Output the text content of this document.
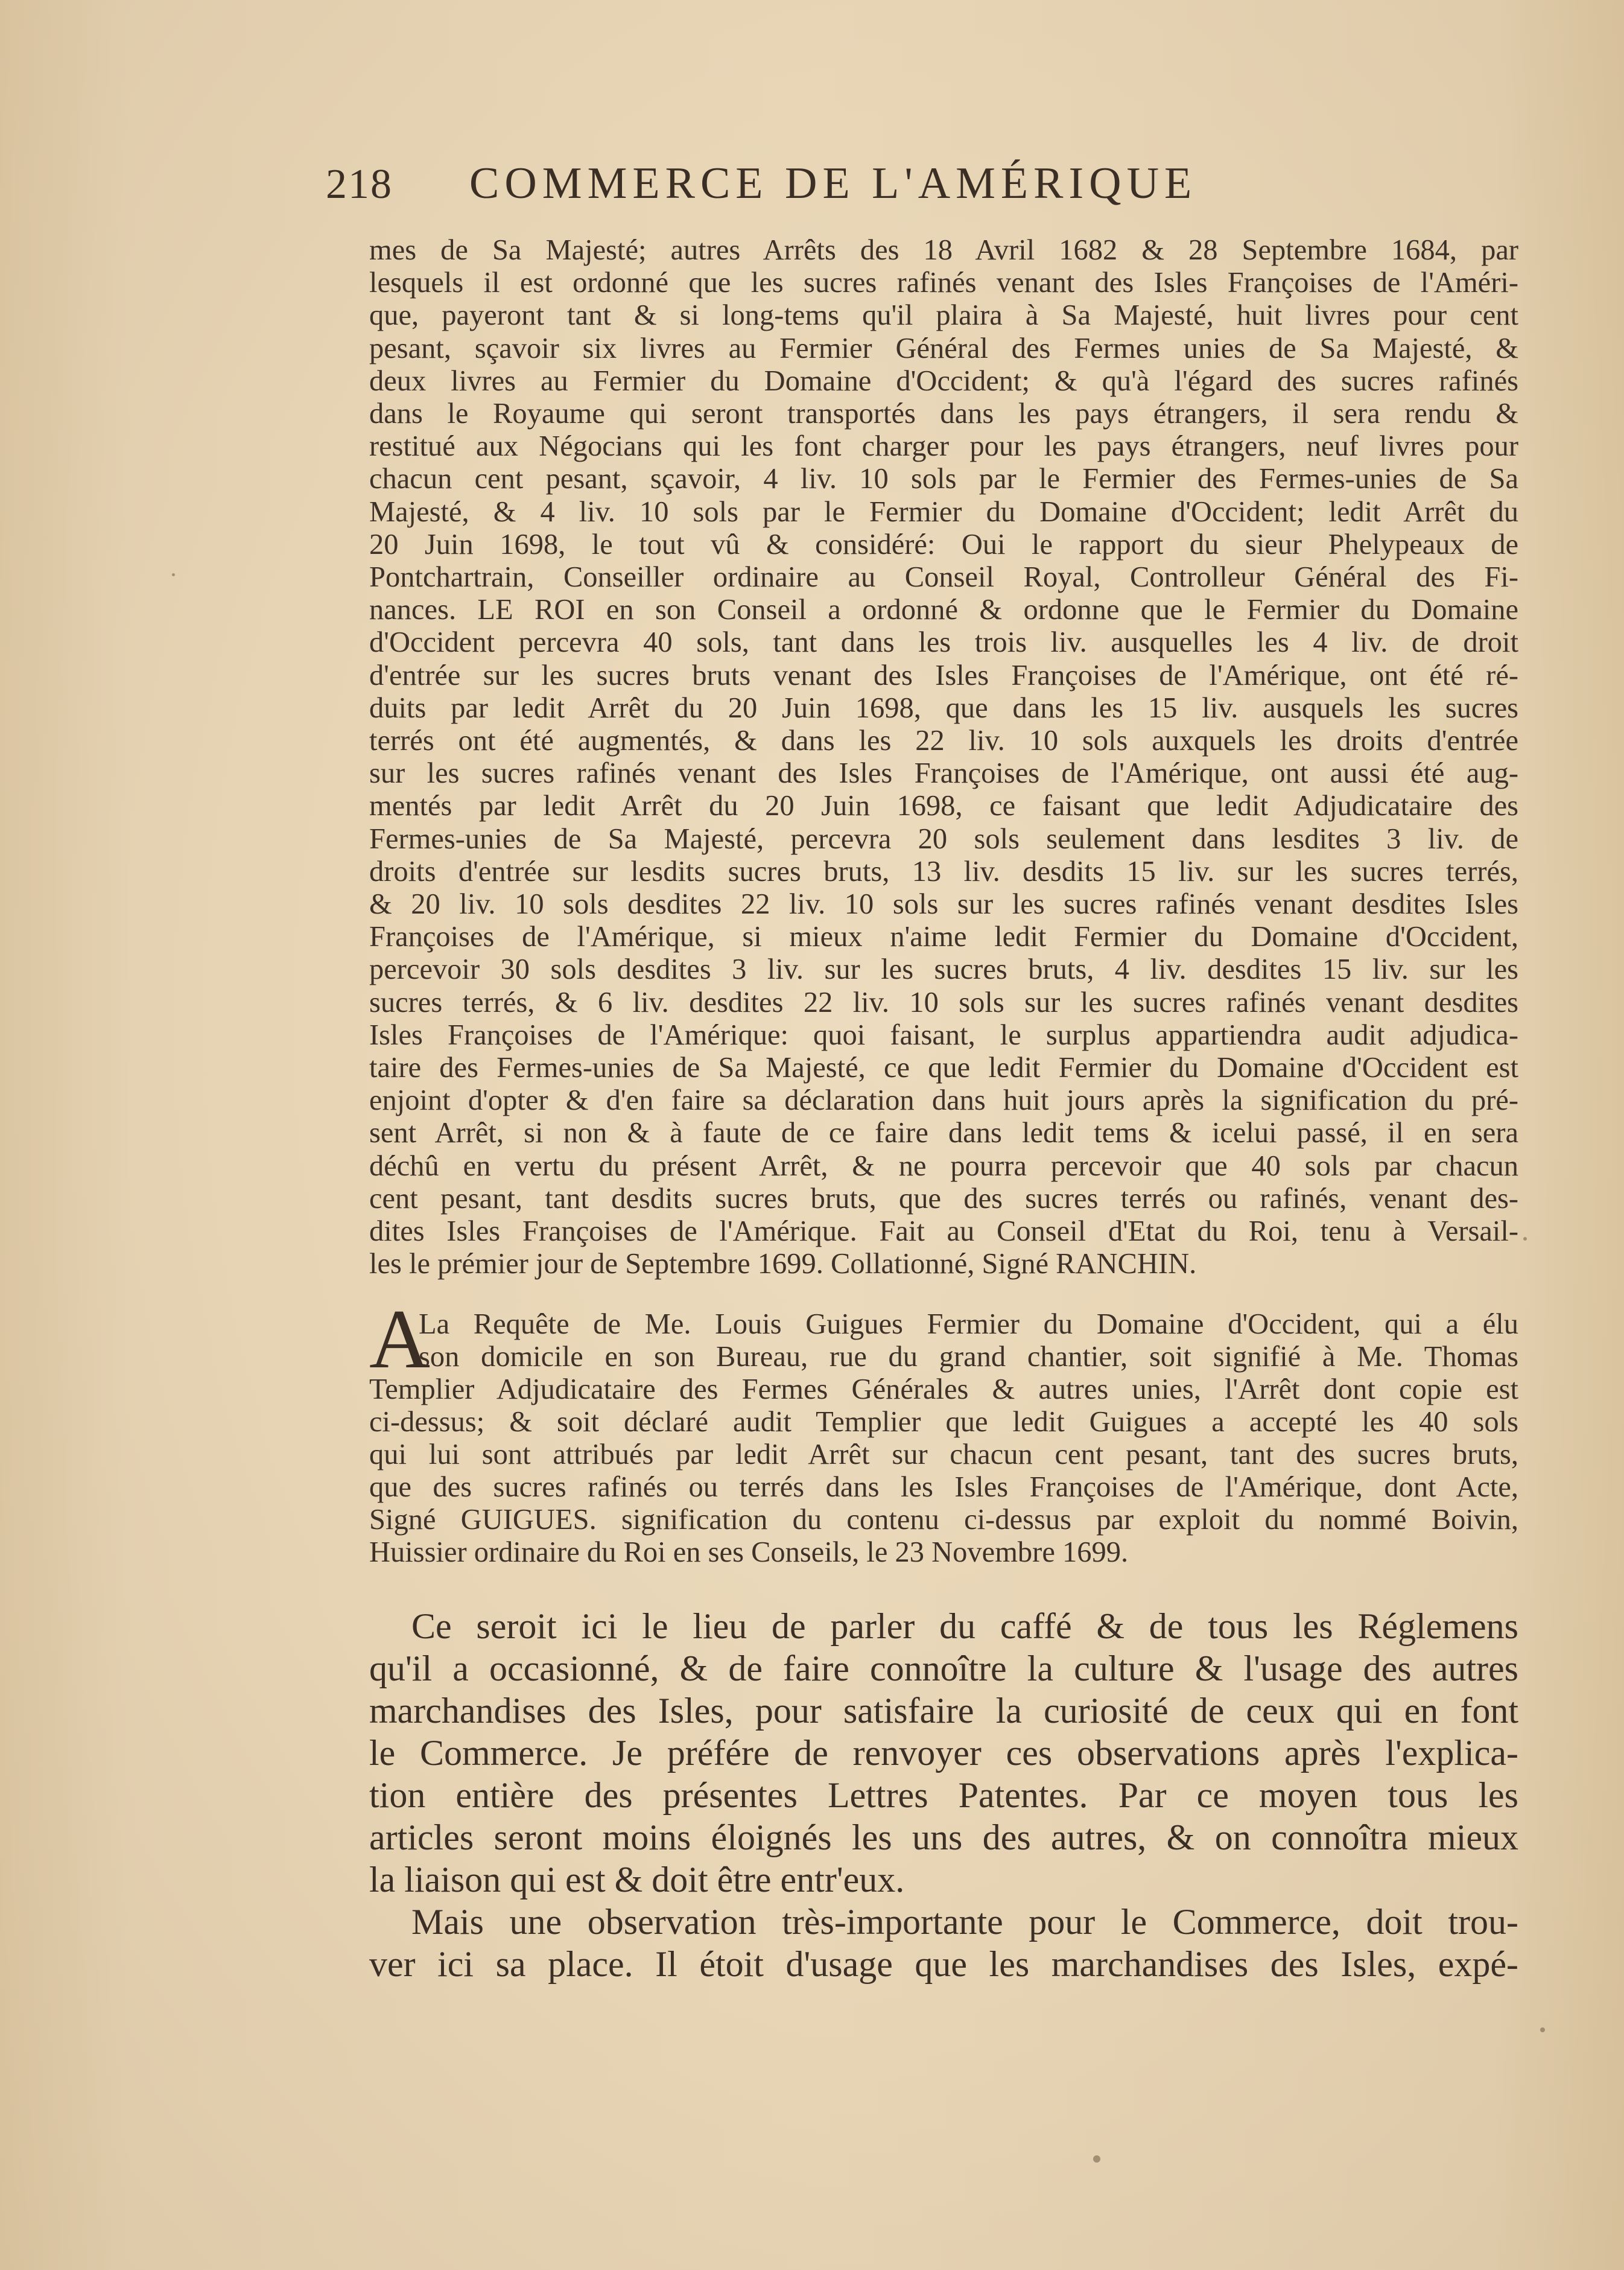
218	COMMERCE DE L'AMÉRIQUE
mes de Sa Majesté; autres Arrêts des 18 Avril 1682 & 28 Septembre 1684, par
lesquels il est ordonné que les sucres rafinés venant des Isles Françoises de l'Améri-
que, payeront tant & si long-tems qu'il plaira à Sa Majesté, huit livres pour cent
pesant, sçavoir six livres au Fermier Général des Fermes unies de Sa Majesté, &
deux livres au Fermier du Domaine d'Occident; & qu'à l'égard des sucres rafinés
dans le Royaume qui seront transportés dans les pays étrangers, il sera rendu &
restitué aux Négocians qui les font charger pour les pays étrangers, neuf livres pour
chacun cent pesant, sçavoir, 4 liv. 10 sols par le Fermier des Fermes-unies de Sa
Majesté, & 4 liv. 10 sols par le Fermier du Domaine d'Occident; ledit Arrêt du
20 Juin 1698, le tout vû & considéré: Oui le rapport du sieur Phelypeaux de
Pontchartrain, Conseiller ordinaire au Conseil Royal, Controlleur Général des Fi-
nances. LE ROI en son Conseil a ordonné & ordonne que le Fermier du Domaine
d'Occident percevra 40 sols, tant dans les trois liv. ausquelles les 4 liv. de droit
d'entrée sur les sucres bruts venant des Isles Françoises de l'Amérique, ont été ré-
duits par ledit Arrêt du 20 Juin 1698, que dans les 15 liv. ausquels les sucres
terrés ont été augmentés, & dans les 22 liv. 10 sols auxquels les droits d'entrée
sur les sucres rafinés venant des Isles Françoises de l'Amérique, ont aussi été aug-
mentés par ledit Arrêt du 20 Juin 1698, ce faisant que ledit Adjudicataire des
Fermes-unies de Sa Majesté, percevra 20 sols seulement dans lesdites 3 liv. de
droits d'entrée sur lesdits sucres bruts, 13 liv. desdits 15 liv. sur les sucres terrés,
& 20 liv. 10 sols desdites 22 liv. 10 sols sur les sucres rafinés venant desdites Isles
Françoises de l'Amérique, si mieux n'aime ledit Fermier du Domaine d'Occident,
percevoir 30 sols desdites 3 liv. sur les sucres bruts, 4 liv. desdites 15 liv. sur les
sucres terrés, & 6 liv. desdites 22 liv. 10 sols sur les sucres rafinés venant desdites
Isles Françoises de l'Amérique: quoi faisant, le surplus appartiendra audit adjudica-
taire des Fermes-unies de Sa Majesté, ce que ledit Fermier du Domaine d'Occident est
enjoint d'opter & d'en faire sa déclaration dans huit jours après la signification du pré-
sent Arrêt, si non & à faute de ce faire dans ledit tems & icelui passé, il en sera
déchû en vertu du présent Arrêt, & ne pourra percevoir que 40 sols par chacun
cent pesant, tant desdits sucres bruts, que des sucres terrés ou rafinés, venant des-
dites Isles Françoises de l'Amérique. Fait au Conseil d'Etat du Roi, tenu à Versail-
les le prémier jour de Septembre 1699. Collationné, Signé RANCHIN.
A
La Requête de Me. Louis Guigues Fermier du Domaine d'Occident, qui a élu
son domicile en son Bureau, rue du grand chantier, soit signifié à Me. Thomas
Templier Adjudicataire des Fermes Générales & autres unies, l'Arrêt dont copie est
ci-dessus; & soit déclaré audit Templier que ledit Guigues a accepté les 40 sols
qui lui sont attribués par ledit Arrêt sur chacun cent pesant, tant des sucres bruts,
que des sucres rafinés ou terrés dans les Isles Françoises de l'Amérique, dont Acte,
Signé GUIGUES. signification du contenu ci-dessus par exploit du nommé Boivin,
Huissier ordinaire du Roi en ses Conseils, le 23 Novembre 1699.
Ce seroit ici le lieu de parler du caffé & de tous les Réglemens
qu'il a occasionné, & de faire connoître la culture & l'usage des autres
marchandises des Isles, pour satisfaire la curiosité de ceux qui en font
le Commerce. Je préfére de renvoyer ces observations après l'explica-
tion entière des présentes Lettres Patentes. Par ce moyen tous les
articles seront moins éloignés les uns des autres, & on connoîtra mieux
la liaison qui est & doit être entr'eux.
Mais une observation très-importante pour le Commerce, doit trou-
ver ici sa place. Il étoit d'usage que les marchandises des Isles, expé-
